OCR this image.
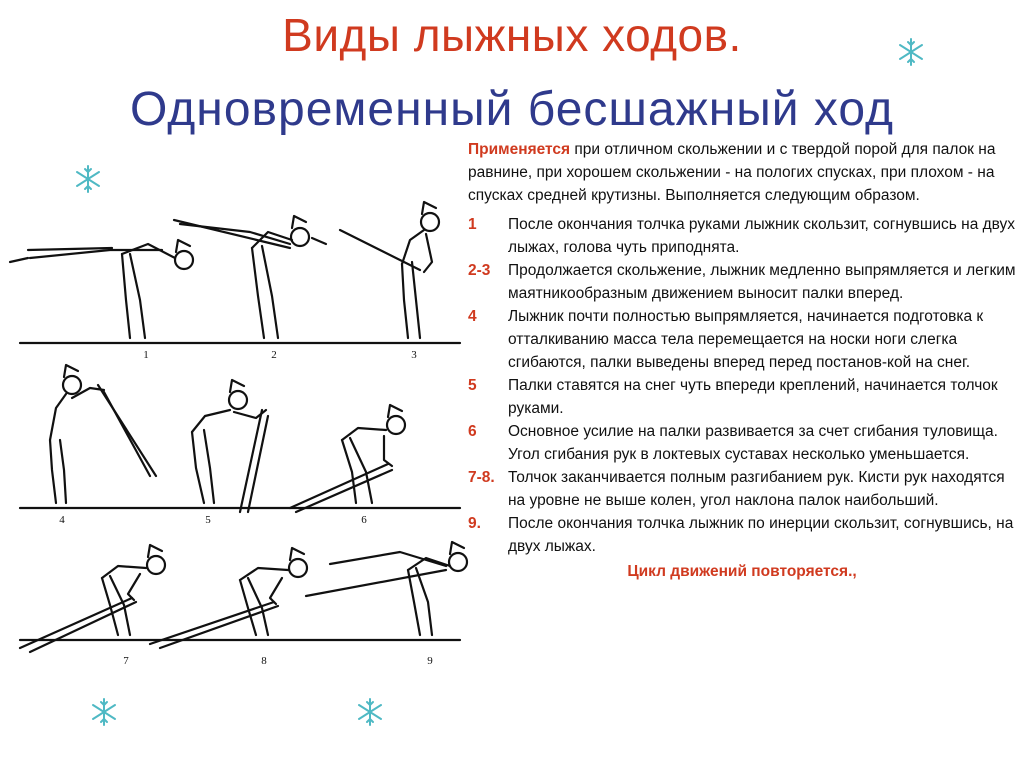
Виды лыжных ходов.
Одновременный бесшажный ход
1	2	3
4	5	6
7	8	9

Применяется при отличном скольжении и с твердой порой для палок на равнине, при хорошем скольжении - на пологих спусках, при плохом - на спусках средней крутизны. Выполняется следующим образом.

1	После окончания толчка руками лыжник скользит, согнувшись на двух лыжах, голова чуть приподнята.
2-3	Продолжается скольжение, лыжник медленно выпрямляется и легким маятникообразным движением выносит палки вперед.
4	Лыжник почти полностью выпрямляется, начинается подготовка к отталкиванию масса тела перемещается на носки ноги слегка сгибаются, палки выведены вперед перед постанов-кой на снег.
5	Палки ставятся на снег чуть впереди креплений, начинается толчок руками.
6	Основное усилие на палки развивается за счет сгибания туловища. Угол сгибания рук в локтевых суставах несколько уменьшается.
7-8. Толчок заканчивается полным разгибанием рук. Кисти рук находятся на уровне не выше колен, угол наклона палок наибольший.
9.	После окончания толчка лыжник по инерции скользит, согнувшись, на двух лыжах.
Цикл движений повторяется.,
